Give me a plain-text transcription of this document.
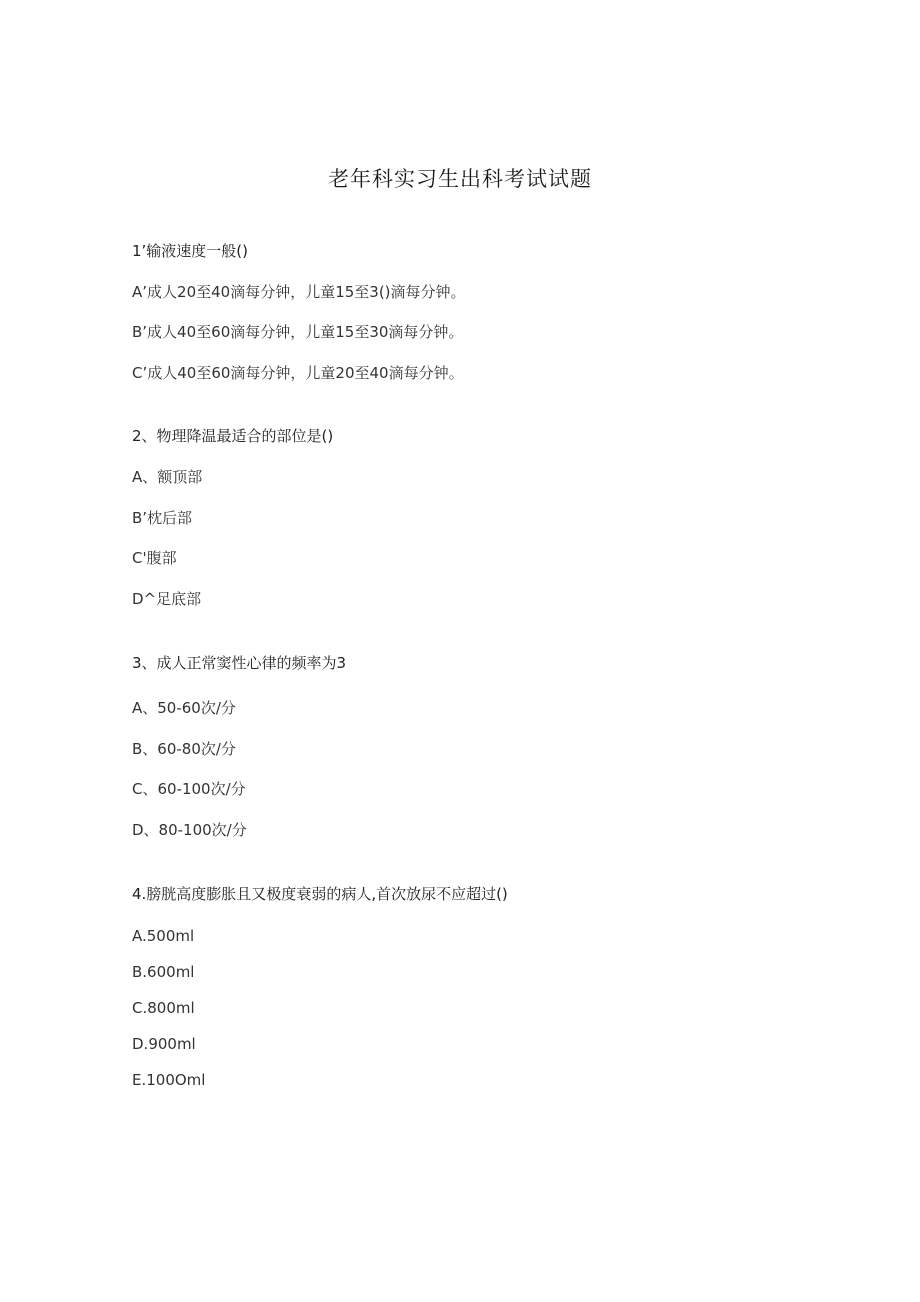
老年科实习生出科考试试题
1’输液速度一般()
A’成人20至40滴每分钟，儿童15至3()滴每分钟。
B’成人40至60滴每分钟，儿童15至30滴每分钟。
C’成人40至60滴每分钟，儿童20至40滴每分钟。
2、物理降温最适合的部位是()
A、额顶部
B’枕后部
C'腹部
D^足底部
3、成人正常窦性心律的频率为3
A、50-60次/分
B、60-80次/分
C、60-100次/分
D、80-100次/分
4.膀胱高度膨胀且又极度衰弱的病人,首次放尿不应超过()
A.500ml
B.600ml
C.800ml
D.900ml
E.100Oml
